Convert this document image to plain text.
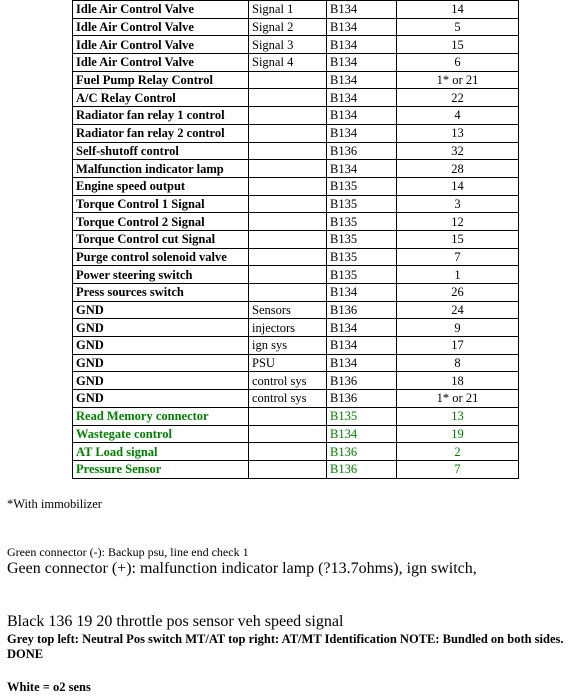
Idle Air Control Valve	Signal 1	B134	14
Idle Air Control Valve	Signal 2	B134	5
Idle Air Control Valve	Signal 3	B134	15
Idle Air Control Valve	Signal 4	B134	6
Fuel Pump Relay Control		B134	1* or 21
A/C Relay Control		B134	22
Radiator fan relay 1 control		B134	4
Radiator fan relay 2 control		B134	13
Self-shutoff control		B136	32
Malfunction indicator lamp		B134	28
Engine speed output		B135	14
Torque Control 1 Signal		B135	3
Torque Control 2 Signal		B135	12
Torque Control cut Signal		B135	15
Purge control solenoid valve		B135	7
Power steering switch		B135	1
Press sources switch		B134	26
GND	Sensors	B136	24
GND	injectors	B134	9
GND	ign sys	B134	17
GND	PSU	B134	8
GND	control sys	B136	18
GND	control sys	B136	1* or 21
Read Memory connector		B135	13
Wastegate control		B134	19
AT Load signal		B136	2
Pressure Sensor		B136	7

*With immobilizer

Green connector (-): Backup psu, line end check 1

Geen connector (+): malfunction indicator lamp (?13.7ohms), ign switch,

Black 136 19 20 throttle pos sensor veh speed signal

Grey top left: Neutral Pos switch MT/AT top right: AT/MT Identification NOTE: Bundled on both sides. DONE

White = o2 sens
